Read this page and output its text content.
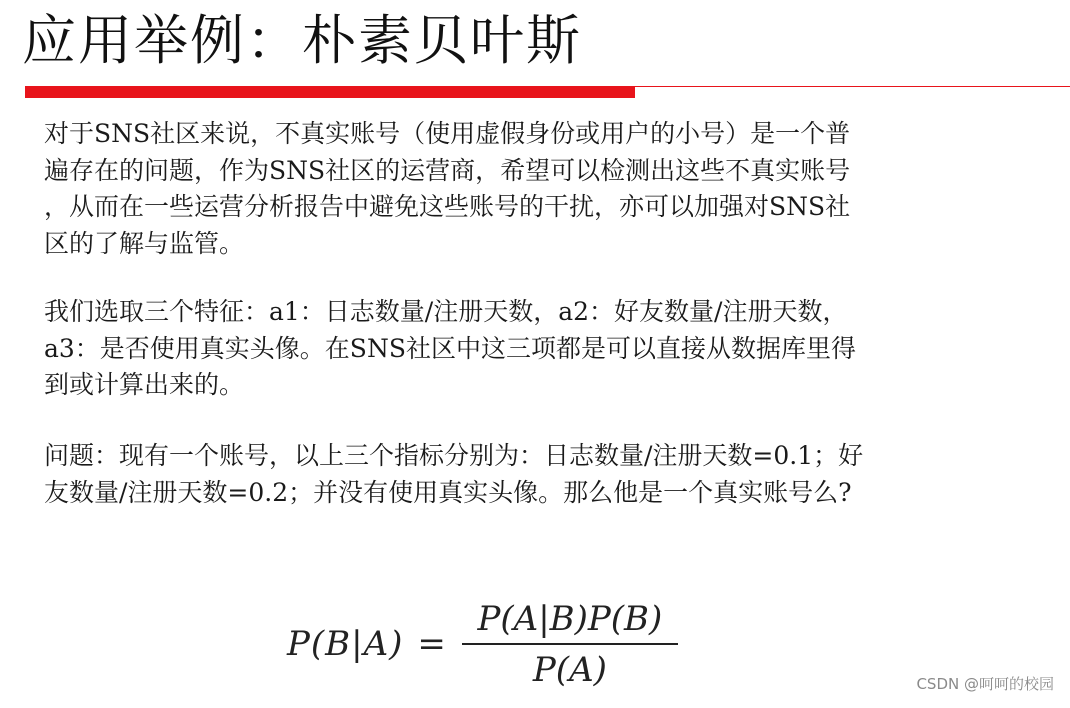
应用举例：朴素贝叶斯

对于SNS社区来说，不真实账号（使用虚假身份或用户的小号）是一个普
遍存在的问题，作为SNS社区的运营商，希望可以检测出这些不真实账号
，从而在一些运营分析报告中避免这些账号的干扰，亦可以加强对SNS社
区的了解与监管。

我们选取三个特征：a1：日志数量/注册天数，a2：好友数量/注册天数，
a3：是否使用真实头像。在SNS社区中这三项都是可以直接从数据库里得
到或计算出来的。

问题：现有一个账号，以上三个指标分别为：日志数量/注册天数=0.1；好
友数量/注册天数=0.2；并没有使用真实头像。那么他是一个真实账号么?

$P(B|A) = \frac{P(A|B)P(B)}{P(A)}$	CSDN @呵呵的校园
